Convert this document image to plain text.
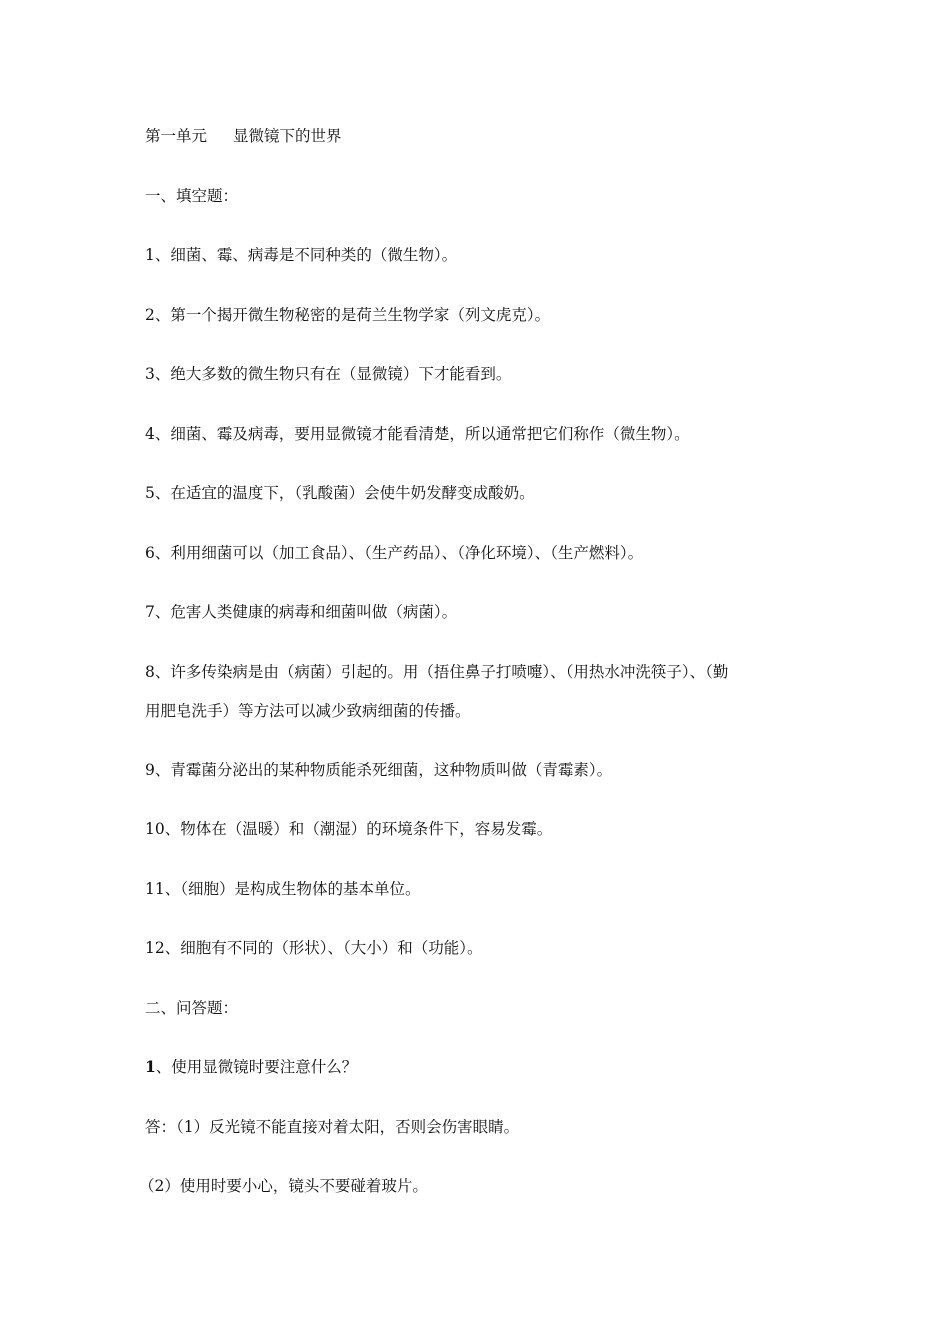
第一单元 显微镜下的世界
一、填空题：
1、细菌、霉、病毒是不同种类的（微生物）。
2、第一个揭开微生物秘密的是荷兰生物学家（列文虎克）。
3、绝大多数的微生物只有在（显微镜）下才能看到。
4、细菌、霉及病毒，要用显微镜才能看清楚，所以通常把它们称作（微生物）。
5、在适宜的温度下，（乳酸菌）会使牛奶发酵变成酸奶。
6、利用细菌可以（加工食品）、（生产药品）、（净化环境）、（生产燃料）。
7、危害人类健康的病毒和细菌叫做（病菌）。
8、许多传染病是由（病菌）引起的。用（捂住鼻子打喷嚏）、（用热水冲洗筷子）、（勤
用肥皂洗手）等方法可以减少致病细菌的传播。
9、青霉菌分泌出的某种物质能杀死细菌，这种物质叫做（青霉素）。
10、物体在（温暖）和（潮湿）的环境条件下，容易发霉。
11、（细胞）是构成生物体的基本单位。
12、细胞有不同的（形状）、（大小）和（功能）。
二、问答题：
1、使用显微镜时要注意什么？
答：（1）反光镜不能直接对着太阳，否则会伤害眼睛。
（2）使用时要小心，镜头不要碰着玻片。
